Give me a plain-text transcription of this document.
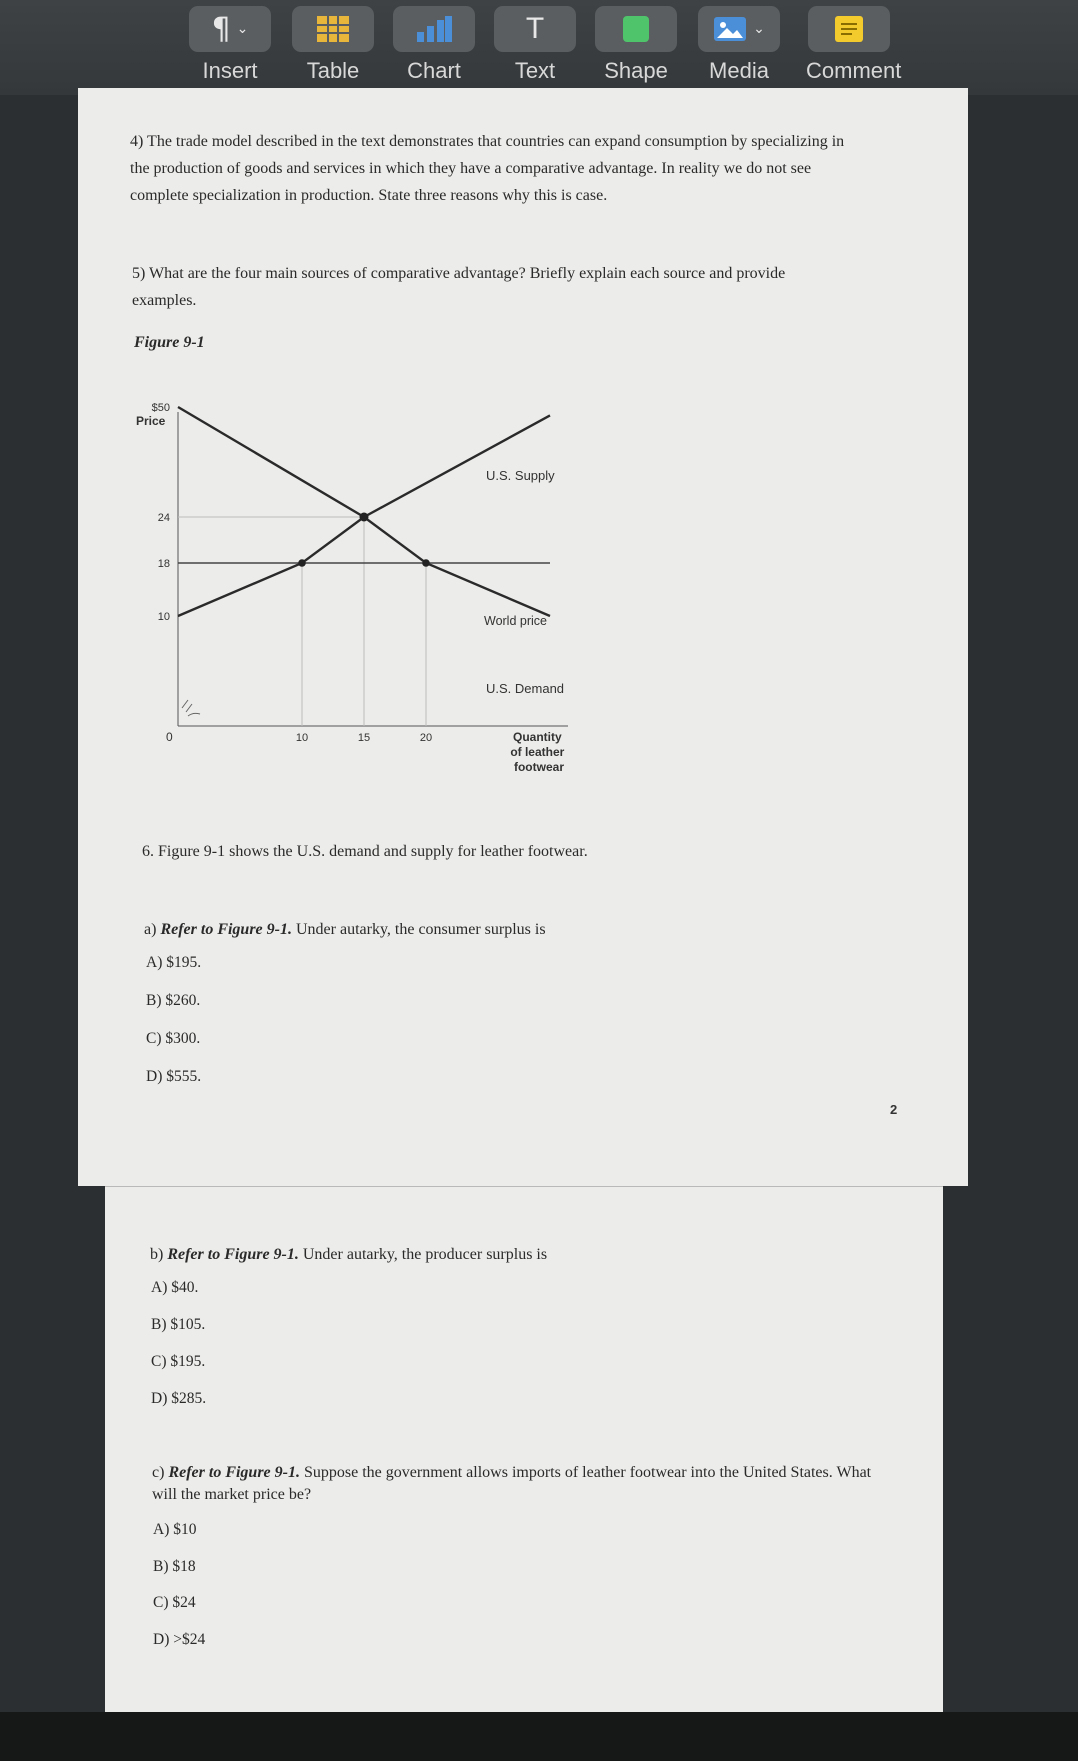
¶ ⌄
Insert	Table	Chart
T
Text	Shape
⌄
Media	Comment
4) The trade model described in the text demonstrates that countries can expand consumption by specializing in
the production of goods and services in which they have a comparative advantage. In reality we do not see
complete specialization in production. State three reasons why this is case.
5) What are the four main sources of comparative advantage? Briefly explain each source and provide
examples.
Figure 9-1
6. Figure 9-1 shows the U.S. demand and supply for leather footwear.
a) Refer to Figure 9-1. Under autarky, the consumer surplus is
A) $195.
B) $260.
C) $300.
D) $555.
2
Price
$50
24
18
10
10	15	20
0
U.S. Supply
World price
U.S. Demand
Quantity of leather footwear
b) Refer to Figure 9-1. Under autarky, the producer surplus is
A) $40.
B) $105.
C) $195.
D) $285.
c) Refer to Figure 9-1. Suppose the government allows imports of leather footwear into the United States. What
will the market price be?
A) $10
B) $18
C) $24
D) >$24
